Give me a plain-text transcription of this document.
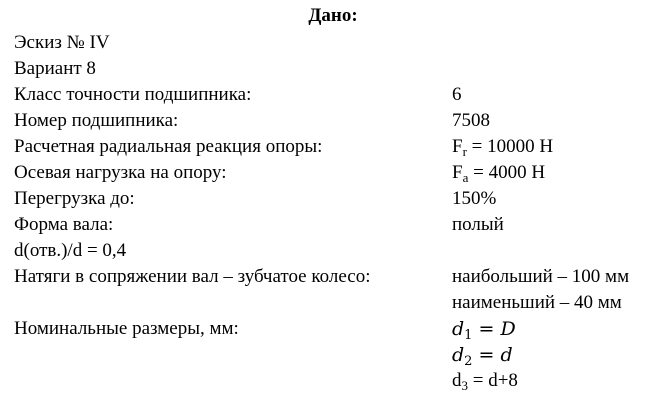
Дано:
Эскиз № IV
Вариант 8
Класс точности подшипника:	6
Номер подшипника:	7508
Расчетная радиальная реакция опоры:	$F_r = 10000$ Н
Осевая нагрузка на опору:	$F_a = 4000$ Н
Перегрузка до:	150%
Форма вала:	полый
d(отв.)/d = 0,4
Натяги в сопряжении вал – зубчатое колесо:	наибольший – 100 мм
наименьший – 40 мм
Номинальные размеры, мм:	$d_1 = D$
$d_2 = d$
$d_3 = d+8$
